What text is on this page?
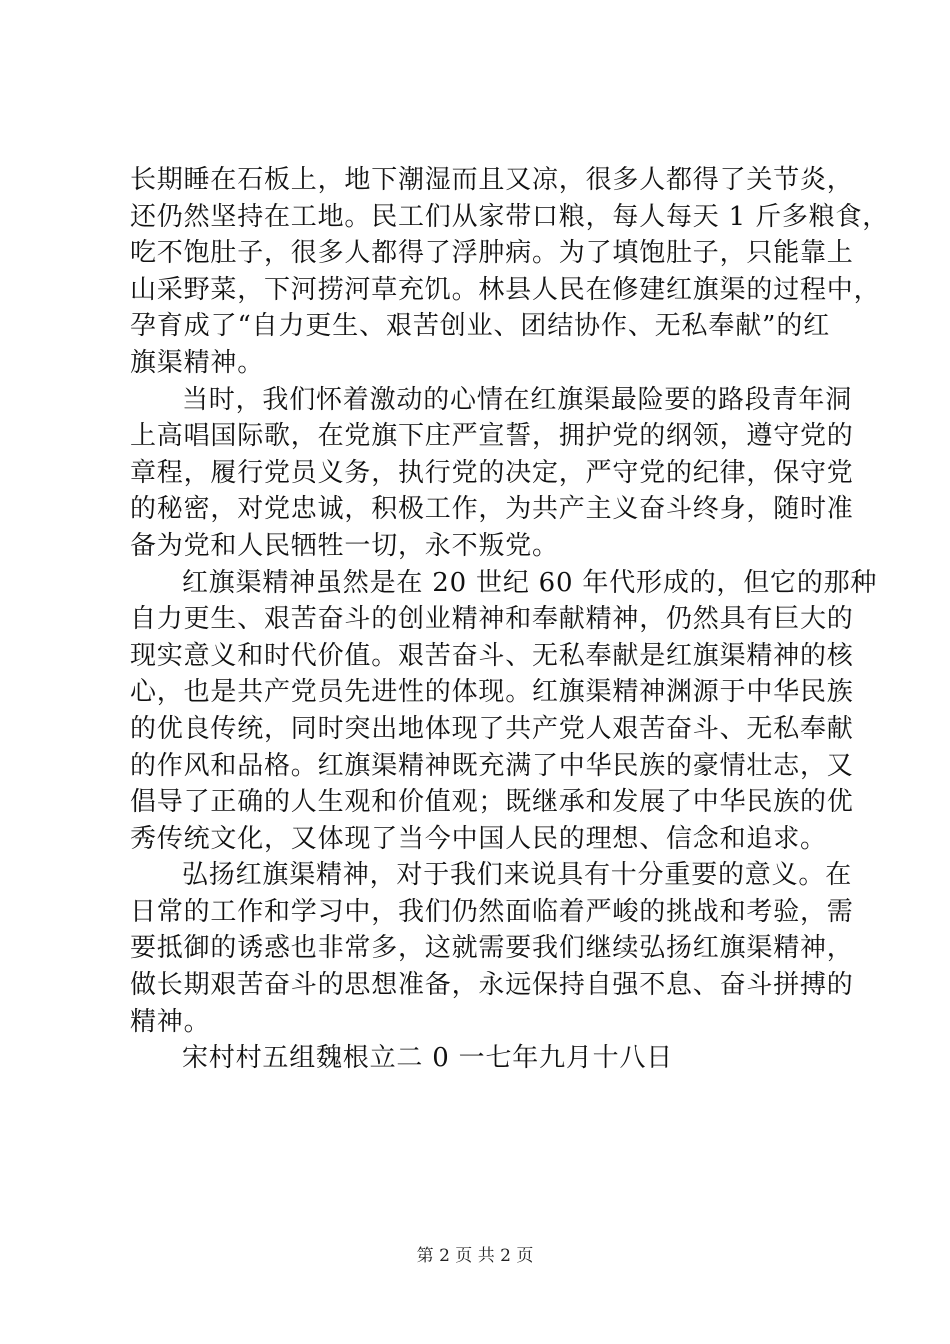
长期睡在石板上，地下潮湿而且又凉，很多人都得了关节炎，
还仍然坚持在工地。民工们从家带口粮，每人每天 1 斤多粮食，
吃不饱肚子，很多人都得了浮肿病。为了填饱肚子，只能靠上
山采野菜，下河捞河草充饥。林县人民在修建红旗渠的过程中，
孕育成了“自力更生、艰苦创业、团结协作、无私奉献”的红
旗渠精神。
当时，我们怀着激动的心情在红旗渠最险要的路段青年洞
上高唱国际歌，在党旗下庄严宣誓，拥护党的纲领，遵守党的
章程，履行党员义务，执行党的决定，严守党的纪律，保守党
的秘密，对党忠诚，积极工作，为共产主义奋斗终身，随时准
备为党和人民牺牲一切，永不叛党。
红旗渠精神虽然是在 20 世纪 60 年代形成的，但它的那种
自力更生、艰苦奋斗的创业精神和奉献精神，仍然具有巨大的
现实意义和时代价值。艰苦奋斗、无私奉献是红旗渠精神的核
心，也是共产党员先进性的体现。红旗渠精神渊源于中华民族
的优良传统，同时突出地体现了共产党人艰苦奋斗、无私奉献
的作风和品格。红旗渠精神既充满了中华民族的豪情壮志，又
倡导了正确的人生观和价值观；既继承和发展了中华民族的优
秀传统文化，又体现了当今中国人民的理想、信念和追求。
弘扬红旗渠精神，对于我们来说具有十分重要的意义。在
日常的工作和学习中，我们仍然面临着严峻的挑战和考验，需
要抵御的诱惑也非常多，这就需要我们继续弘扬红旗渠精神，
做长期艰苦奋斗的思想准备，永远保持自强不息、奋斗拼搏的
精神。
宋村村五组魏根立二 0 一七年九月十八日
第 2 页 共 2 页
